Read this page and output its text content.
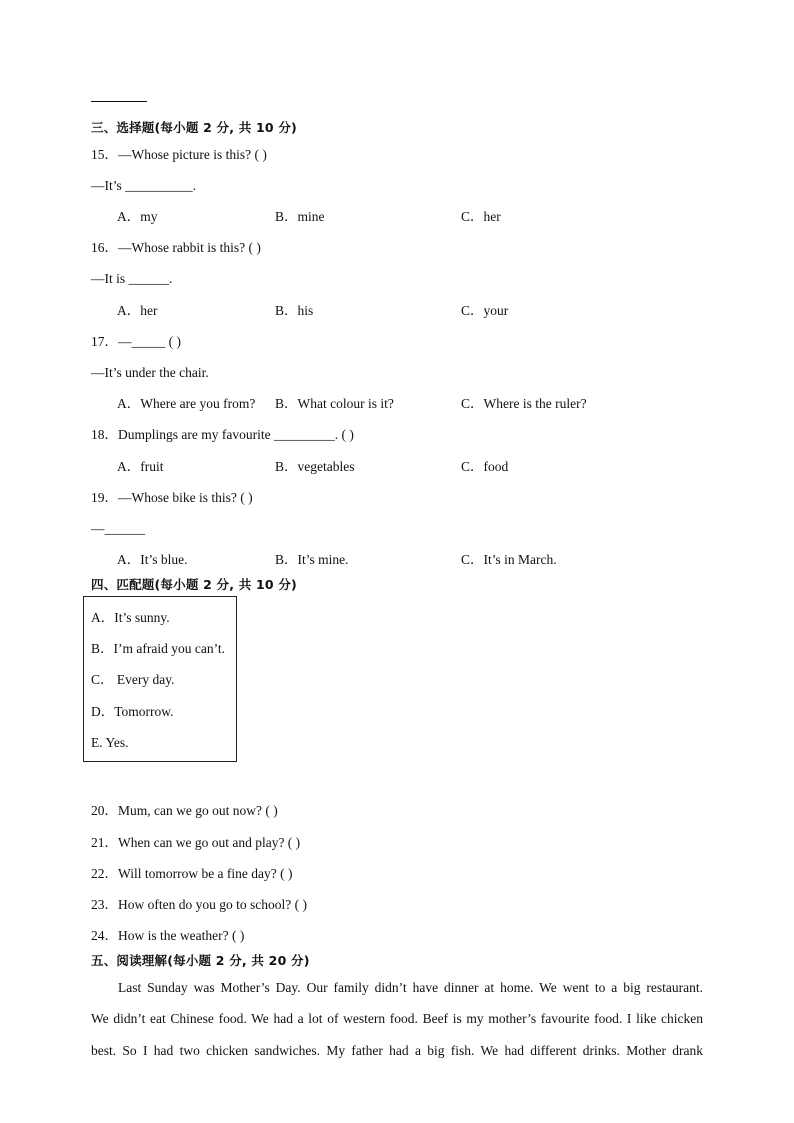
三、选择题(每小题 2 分, 共 10 分)
15．—Whose picture is this? ( )
—It’s __________.
A．my	B．mine	C．her
16．—Whose rabbit is this? ( )
—It is ______.
A．her	B．his	C．your
17．—_____ ( )
—It’s under the chair.
A．Where are you from? B．What colour is it?	C．Where is the ruler?
18．Dumplings are my favourite _________. ( )
A．fruit	B．vegetables	C．food
19．—Whose bike is this? ( )
—______
A．It’s blue.	B．It’s mine.	C．It’s in March.
四、匹配题(每小题 2 分, 共 10 分)
A．It’s sunny.
B．I’m afraid you can’t.
C． Every day.
D．Tomorrow.
E. Yes.
20．Mum, can we go out now? ( )
21．When can we go out and play? ( )
22．Will tomorrow be a fine day? ( )
23．How often do you go to school? ( )
24．How is the weather? ( )
五、阅读理解(每小题 2 分, 共 20 分)
Last Sunday was Mother’s Day. Our family didn’t have dinner at home. We went to a big restaurant.
We didn’t eat Chinese food. We had a lot of western food. Beef is my mother’s favourite food. I like chicken
best. So I had two chicken sandwiches. My father had a big fish. We had different drinks. Mother drank
